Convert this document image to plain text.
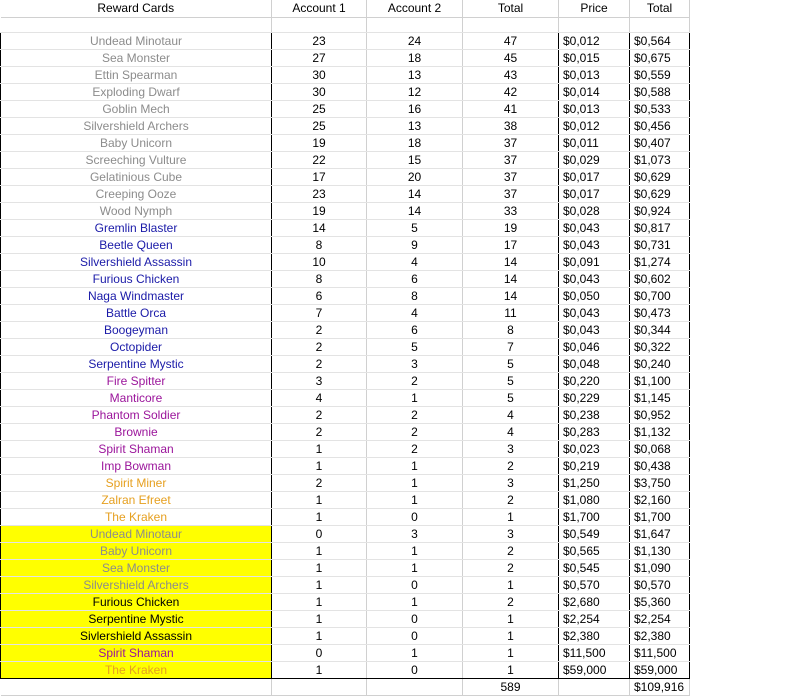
Reward Cards	Account 1	Account 2	Total	Price	Total

Undead Minotaur	23	24	47	$0,012	$0,564
Sea Monster	27	18	45	$0,015	$0,675
Ettin Spearman	30	13	43	$0,013	$0,559
Exploding Dwarf	30	12	42	$0,014	$0,588
Goblin Mech	25	16	41	$0,013	$0,533
Silvershield Archers	25	13	38	$0,012	$0,456
Baby Unicorn	19	18	37	$0,011	$0,407
Screeching Vulture	22	15	37	$0,029	$1,073
Gelatinious Cube	17	20	37	$0,017	$0,629
Creeping Ooze	23	14	37	$0,017	$0,629
Wood Nymph	19	14	33	$0,028	$0,924
Gremlin Blaster	14	5	19	$0,043	$0,817
Beetle Queen	8	9	17	$0,043	$0,731
Silvershield Assassin	10	4	14	$0,091	$1,274
Furious Chicken	8	6	14	$0,043	$0,602
Naga Windmaster	6	8	14	$0,050	$0,700
Battle Orca	7	4	11	$0,043	$0,473
Boogeyman	2	6	8	$0,043	$0,344
Octopider	2	5	7	$0,046	$0,322
Serpentine Mystic	2	3	5	$0,048	$0,240
Fire Spitter	3	2	5	$0,220	$1,100
Manticore	4	1	5	$0,229	$1,145
Phantom Soldier	2	2	4	$0,238	$0,952
Brownie	2	2	4	$0,283	$1,132
Spirit Shaman	1	2	3	$0,023	$0,068
Imp Bowman	1	1	2	$0,219	$0,438
Spirit Miner	2	1	3	$1,250	$3,750
Zalran Efreet	1	1	2	$1,080	$2,160
The Kraken	1	0	1	$1,700	$1,700
Undead Minotaur	0	3	3	$0,549	$1,647
Baby Unicorn	1	1	2	$0,565	$1,130
Sea Monster	1	1	2	$0,545	$1,090
Silvershield Archers	1	0	1	$0,570	$0,570
Furious Chicken	1	1	2	$2,680	$5,360
Serpentine Mystic	1	0	1	$2,254	$2,254
Sivlershield Assassin	1	0	1	$2,380	$2,380
Spirit Shaman	0	1	1	$11,500	$11,500
The Kraken	1	0	1	$59,000	$59,000
			589		$109,916
